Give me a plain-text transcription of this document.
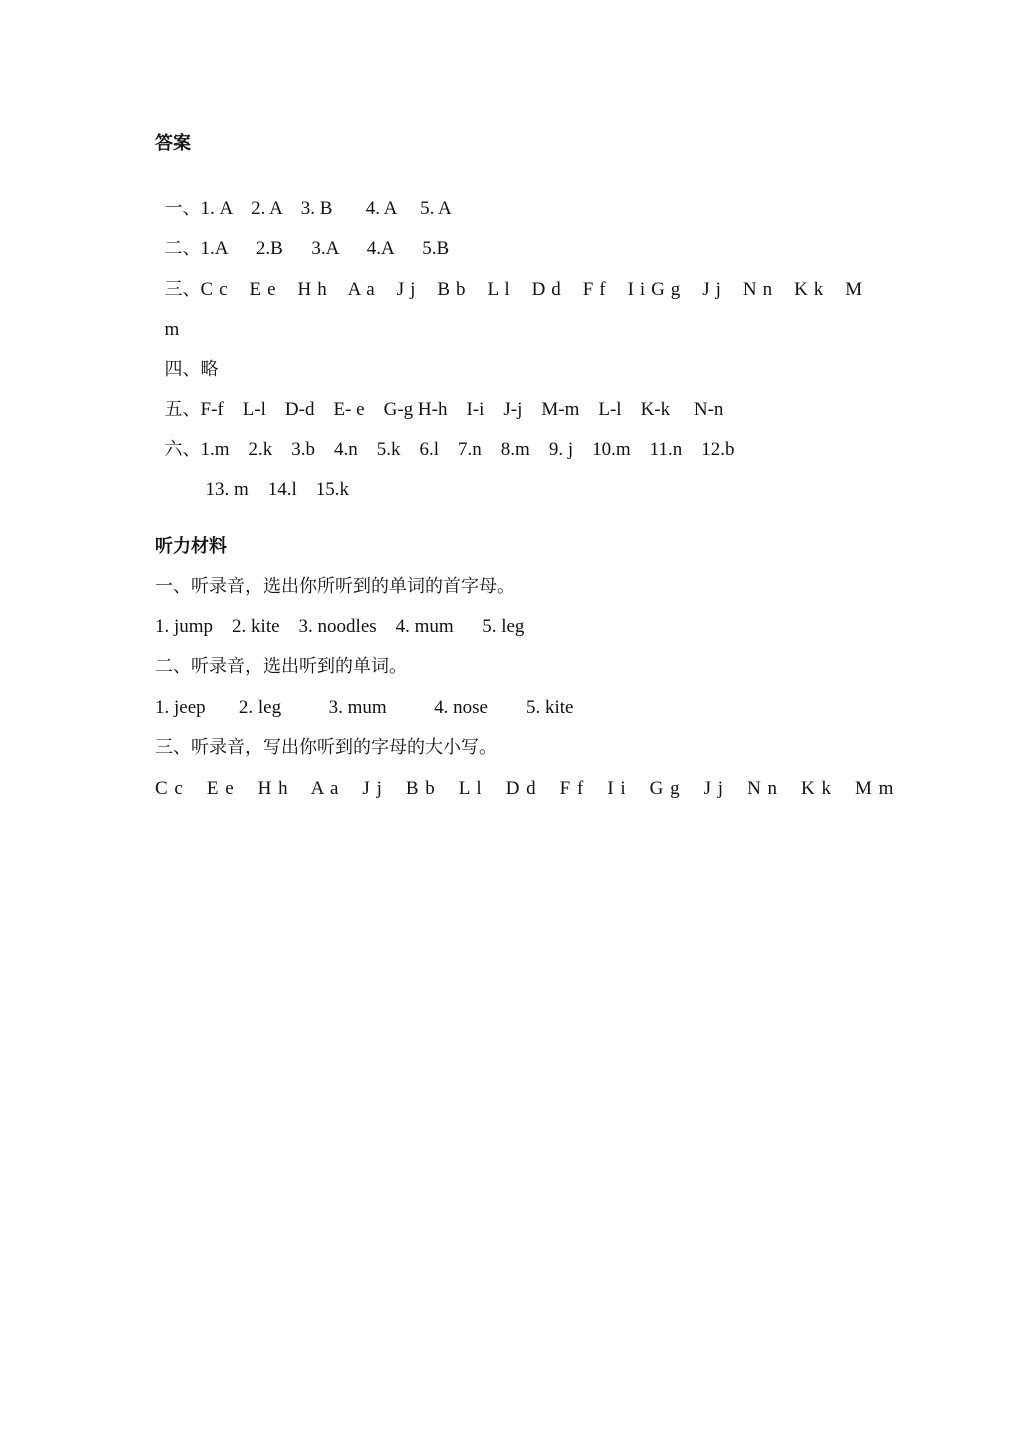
答案

一、1. A    2. A    3. B       4. A     5. A

二、1.A      2.B      3.A      4.A      5.B

三、C c    E e    H h    A a    J j    B b    L l    D d    F f    I i G g    J j    N n    K k    M

m

四、略

五、F-f    L-l    D-d    E- e    G-g H-h    I-i    J-j    M-m    L-l    K-k     N-n

六、1.m    2.k    3.b    4.n    5.k    6.l    7.n    8.m    9. j    10.m    11.n    12.b

13. m    14.l    15.k

听力材料
一、听录音，选出你所听到的单词的首字母。
1. jump    2. kite    3. noodles    4. mum      5. leg
二、听录音，选出听到的单词。
1. jeep       2. leg          3. mum          4. nose        5. kite
三、听录音，写出你听到的字母的大小写。
C c    E e    H h    A a    J j    B b    L l    D d    F f    I i    G g    J j    N n    K k    M m
